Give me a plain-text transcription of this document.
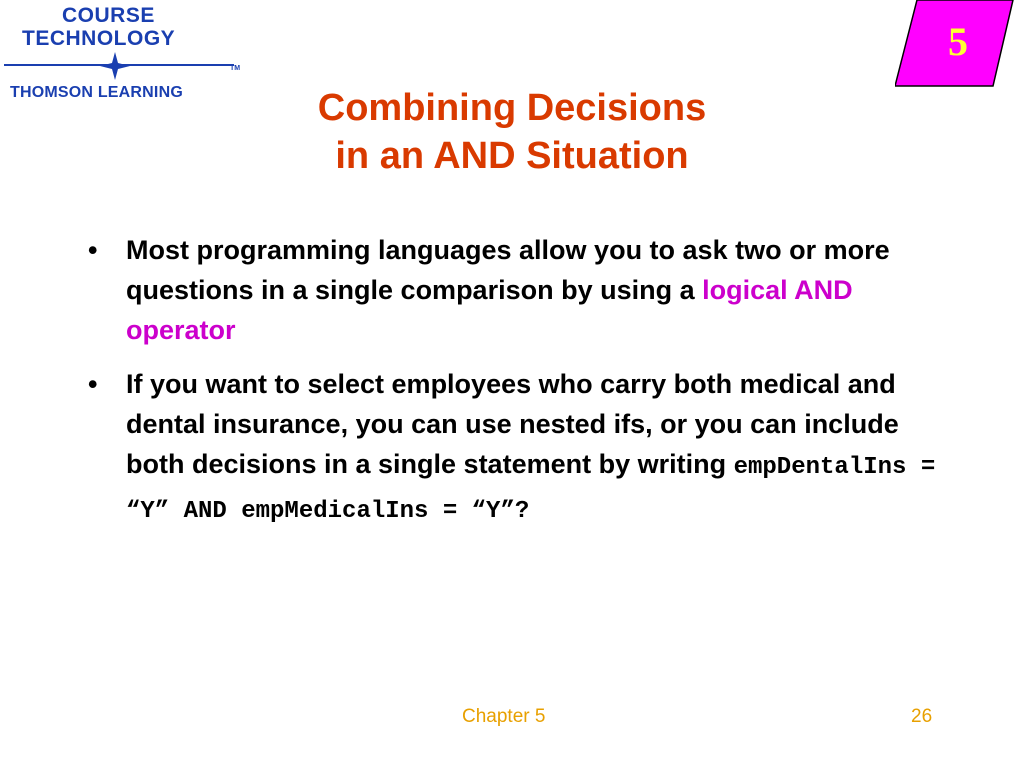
COURSE
TECHNOLOGY
TM
THOMSON LEARNING
5
Combining Decisions
in an AND Situation
• Most programming languages allow you to ask two or more questions in a single comparison by using a logical AND operator
• If you want to select employees who carry both medical and dental insurance, you can use nested ifs, or you can include both decisions in a single statement by writing empDentalIns =
“Y” AND empMedicalIns = “Y”?
Chapter 5	26
